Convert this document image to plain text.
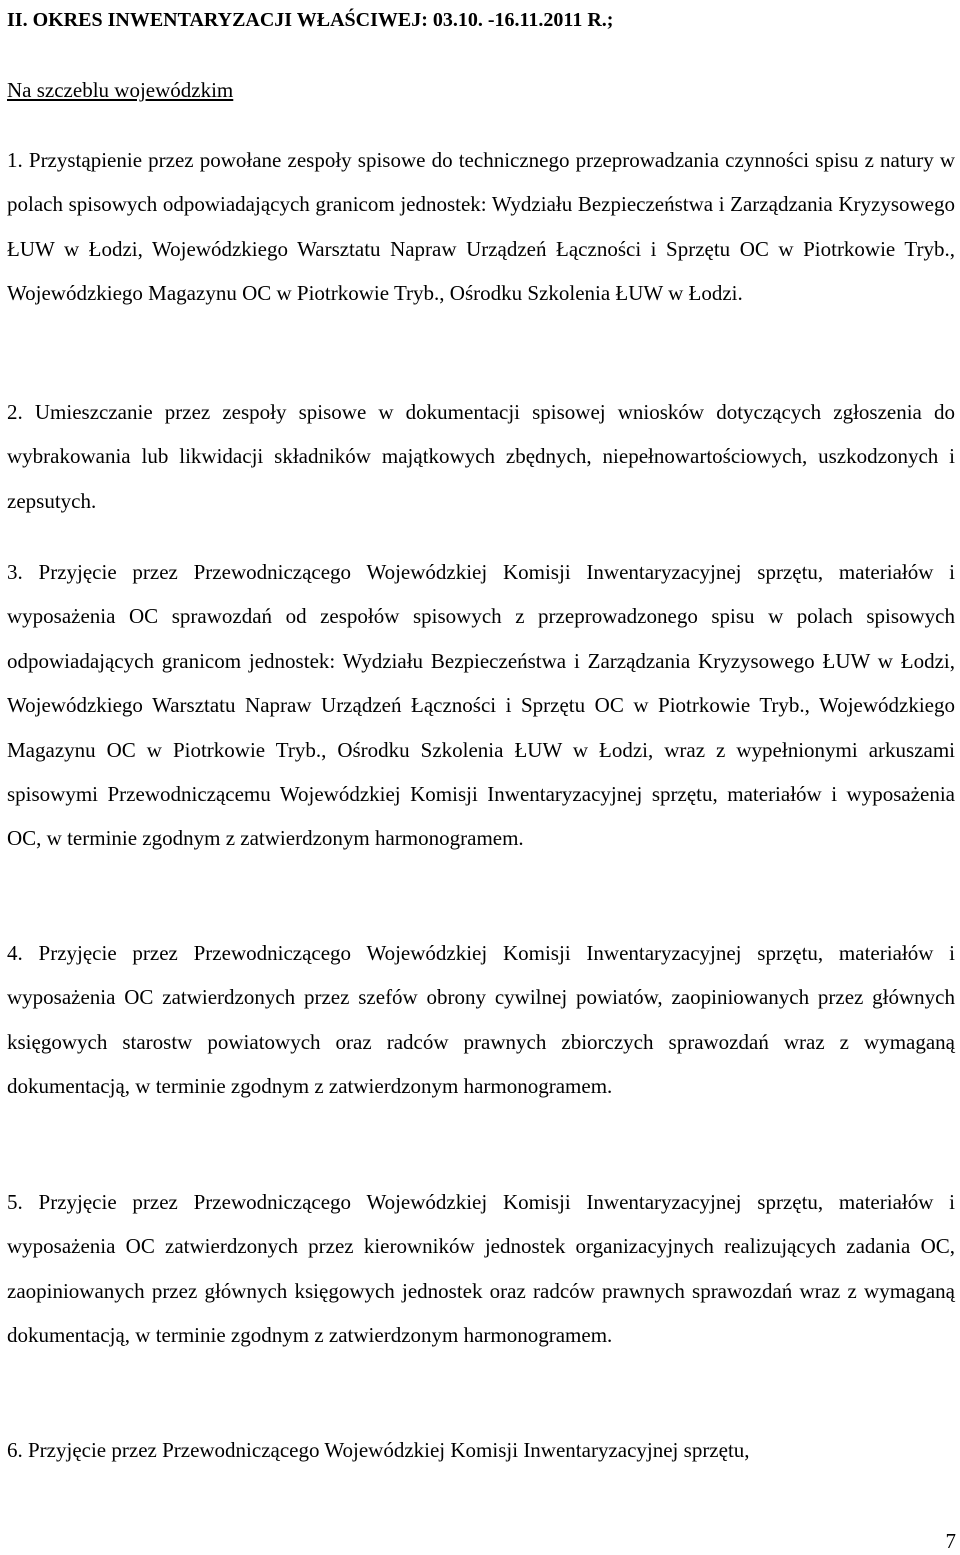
II. OKRES INWENTARYZACJI WŁAŚCIWEJ: 03.10. -16.11.2011 R.;
Na szczeblu wojewódzkim
1. Przystąpienie przez powołane zespoły spisowe do technicznego przeprowadzania czynności spisu z natury w polach spisowych odpowiadających granicom jednostek: Wydziału Bezpieczeństwa i Zarządzania Kryzysowego ŁUW w Łodzi, Wojewódzkiego Warsztatu Napraw Urządzeń Łączności i Sprzętu OC w Piotrkowie Tryb., Wojewódzkiego Magazynu OC w Piotrkowie Tryb., Ośrodku Szkolenia ŁUW w Łodzi.
2. Umieszczanie przez zespoły spisowe w dokumentacji spisowej wniosków dotyczących zgłoszenia do wybrakowania lub likwidacji składników majątkowych zbędnych, niepełnowartościowych, uszkodzonych i zepsutych.
3. Przyjęcie przez Przewodniczącego Wojewódzkiej Komisji Inwentaryzacyjnej sprzętu, materiałów i wyposażenia OC sprawozdań od zespołów spisowych z przeprowadzonego spisu w polach spisowych odpowiadających granicom jednostek: Wydziału Bezpieczeństwa i Zarządzania Kryzysowego ŁUW w Łodzi, Wojewódzkiego Warsztatu Napraw Urządzeń Łączności i Sprzętu OC w Piotrkowie Tryb., Wojewódzkiego Magazynu OC w Piotrkowie Tryb., Ośrodku Szkolenia ŁUW w Łodzi, wraz z wypełnionymi arkuszami spisowymi Przewodniczącemu Wojewódzkiej Komisji Inwentaryzacyjnej sprzętu, materiałów i wyposażenia OC, w terminie zgodnym z zatwierdzonym harmonogramem.
4. Przyjęcie przez Przewodniczącego Wojewódzkiej Komisji Inwentaryzacyjnej sprzętu, materiałów i wyposażenia OC zatwierdzonych przez szefów obrony cywilnej powiatów, zaopiniowanych przez głównych księgowych starostw powiatowych oraz radców prawnych zbiorczych sprawozdań wraz z wymaganą dokumentacją, w terminie zgodnym z zatwierdzonym harmonogramem.
5. Przyjęcie przez Przewodniczącego Wojewódzkiej Komisji Inwentaryzacyjnej sprzętu, materiałów i wyposażenia OC zatwierdzonych przez kierowników jednostek organizacyjnych realizujących zadania OC, zaopiniowanych przez głównych księgowych jednostek oraz radców prawnych sprawozdań wraz z wymaganą dokumentacją, w terminie zgodnym z zatwierdzonym harmonogramem.
6. Przyjęcie przez Przewodniczącego Wojewódzkiej Komisji Inwentaryzacyjnej sprzętu,
7
